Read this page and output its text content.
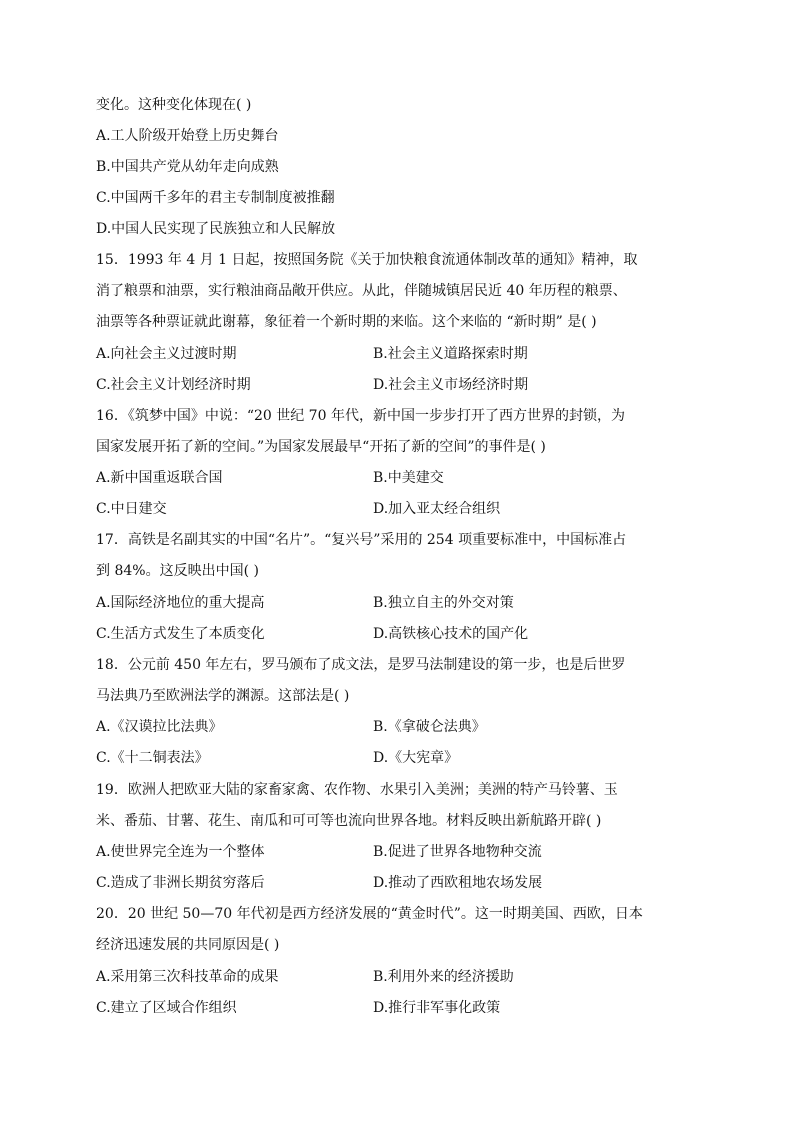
变化。这种变化体现在( )
A.工人阶级开始登上历史舞台
B.中国共产党从幼年走向成熟
C.中国两千多年的君主专制制度被推翻
D.中国人民实现了民族独立和人民解放
15．1993 年 4 月 1 日起，按照国务院《关于加快粮食流通体制改革的通知》精神，取
消了粮票和油票，实行粮油商品敞开供应。从此，伴随城镇居民近 40 年历程的粮票、
油票等各种票证就此谢幕，象征着一个新时期的来临。这个来临的 “新时期” 是( )
A.向社会主义过渡时期	B.社会主义道路探索时期
C.社会主义计划经济时期	D.社会主义市场经济时期
16．《筑梦中国》中说：“20 世纪 70 年代，新中国一步步打开了西方世界的封锁，为
国家发展开拓了新的空间。”为国家发展最早“开拓了新的空间”的事件是( )
A.新中国重返联合国	B.中美建交
C.中日建交	D.加入亚太经合组织
17．高铁是名副其实的中国“名片”。“复兴号”采用的 254 项重要标准中，中国标准占
到 84%。这反映出中国( )
A.国际经济地位的重大提高	B.独立自主的外交对策
C.生活方式发生了本质变化	D.高铁核心技术的国产化
18．公元前 450 年左右，罗马颁布了成文法，是罗马法制建设的第一步，也是后世罗
马法典乃至欧洲法学的渊源。这部法是( )
A.《汉谟拉比法典》	B.《拿破仑法典》
C.《十二铜表法》	D.《大宪章》
19．欧洲人把欧亚大陆的家畜家禽、农作物、水果引入美洲；美洲的特产马铃薯、玉
米、番茄、甘薯、花生、南瓜和可可等也流向世界各地。材料反映出新航路开辟( )
A.使世界完全连为一个整体	B.促进了世界各地物种交流
C.造成了非洲长期贫穷落后	D.推动了西欧租地农场发展
20．20 世纪 50—70 年代初是西方经济发展的“黄金时代”。这一时期美国、西欧，日本
经济迅速发展的共同原因是( )
A.采用第三次科技革命的成果	B.利用外来的经济援助
C.建立了区域合作组织	D.推行非军事化政策
